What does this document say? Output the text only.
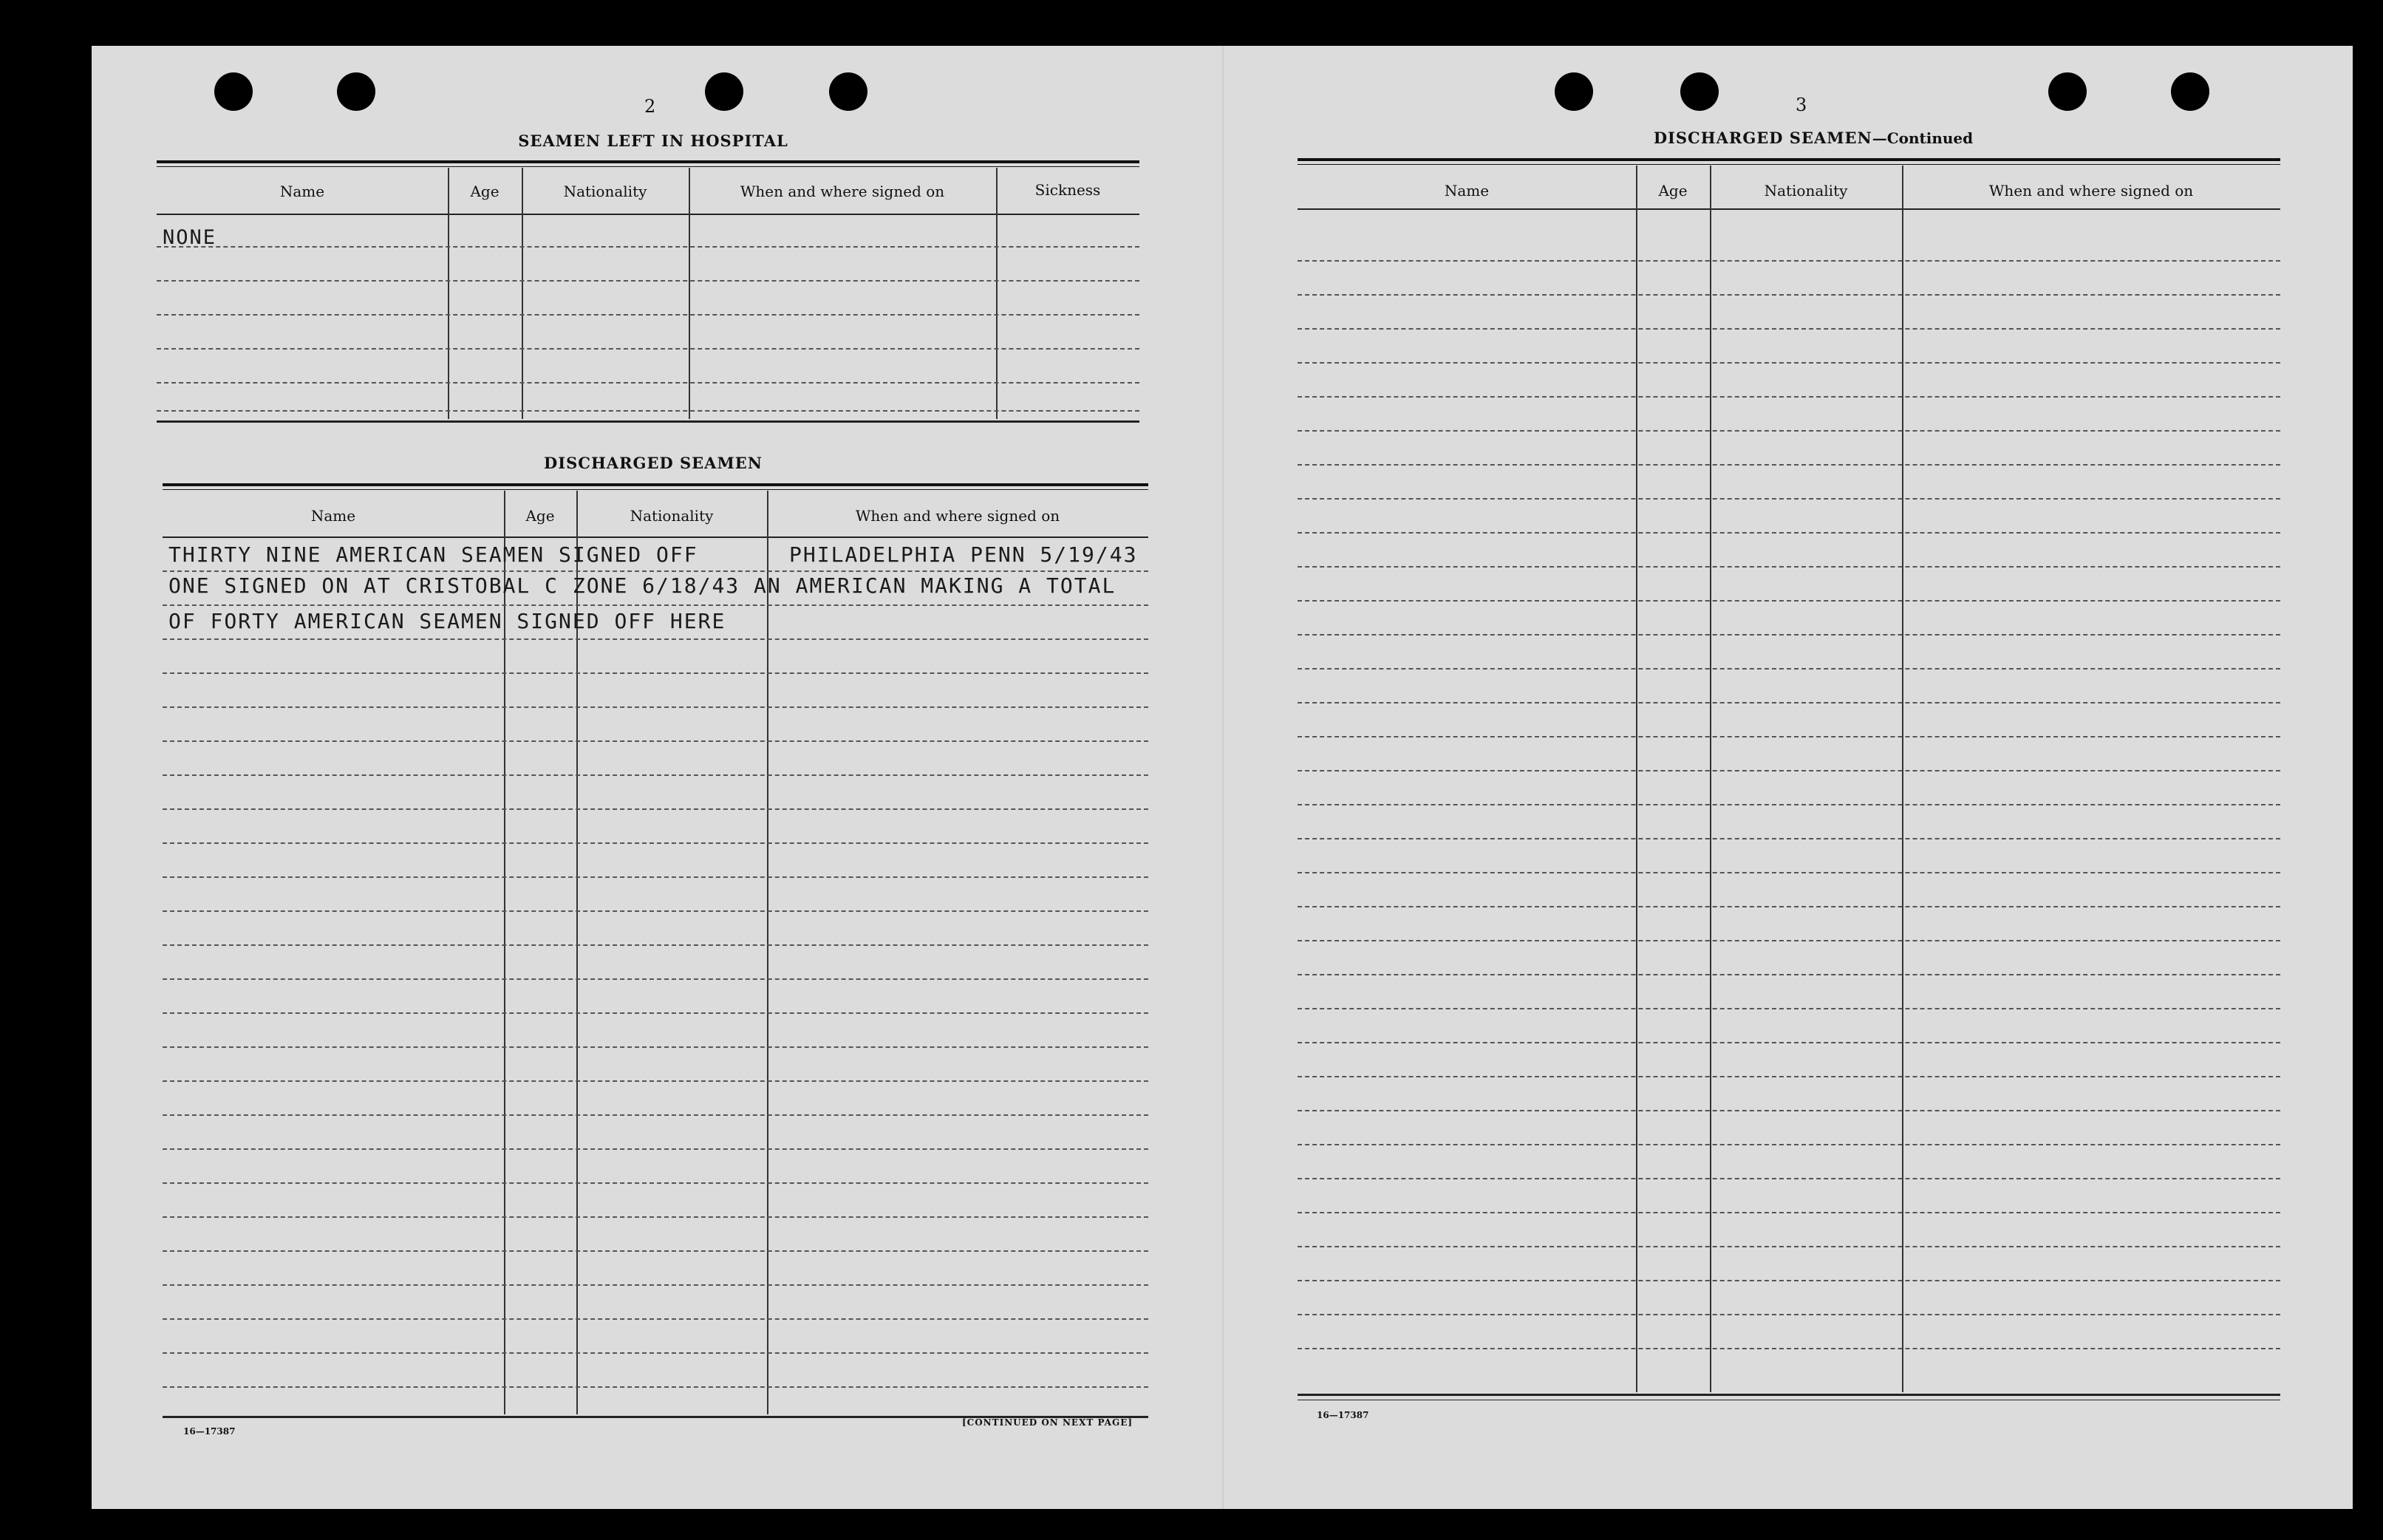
2
SEAMEN LEFT IN HOSPITAL
Name	Age	Nationality	When and where signed on	Sickness
NONE
DISCHARGED SEAMEN
Name	Age	Nationality	When and where signed on
THIRTY NINE AMERICAN SEAMEN SIGNED OFF	PHILADELPHIA PENN 5/19/43
ONE SIGNED ON AT CRISTOBAL C ZONE 6/18/43 AN AMERICAN MAKING A TOTAL
OF FORTY AMERICAN SEAMEN SIGNED OFF HERE
16—17387
[CONTINUED ON NEXT PAGE]
3
DISCHARGED SEAMEN—Continued
Name	Age	Nationality	When and where signed on
16—17387
